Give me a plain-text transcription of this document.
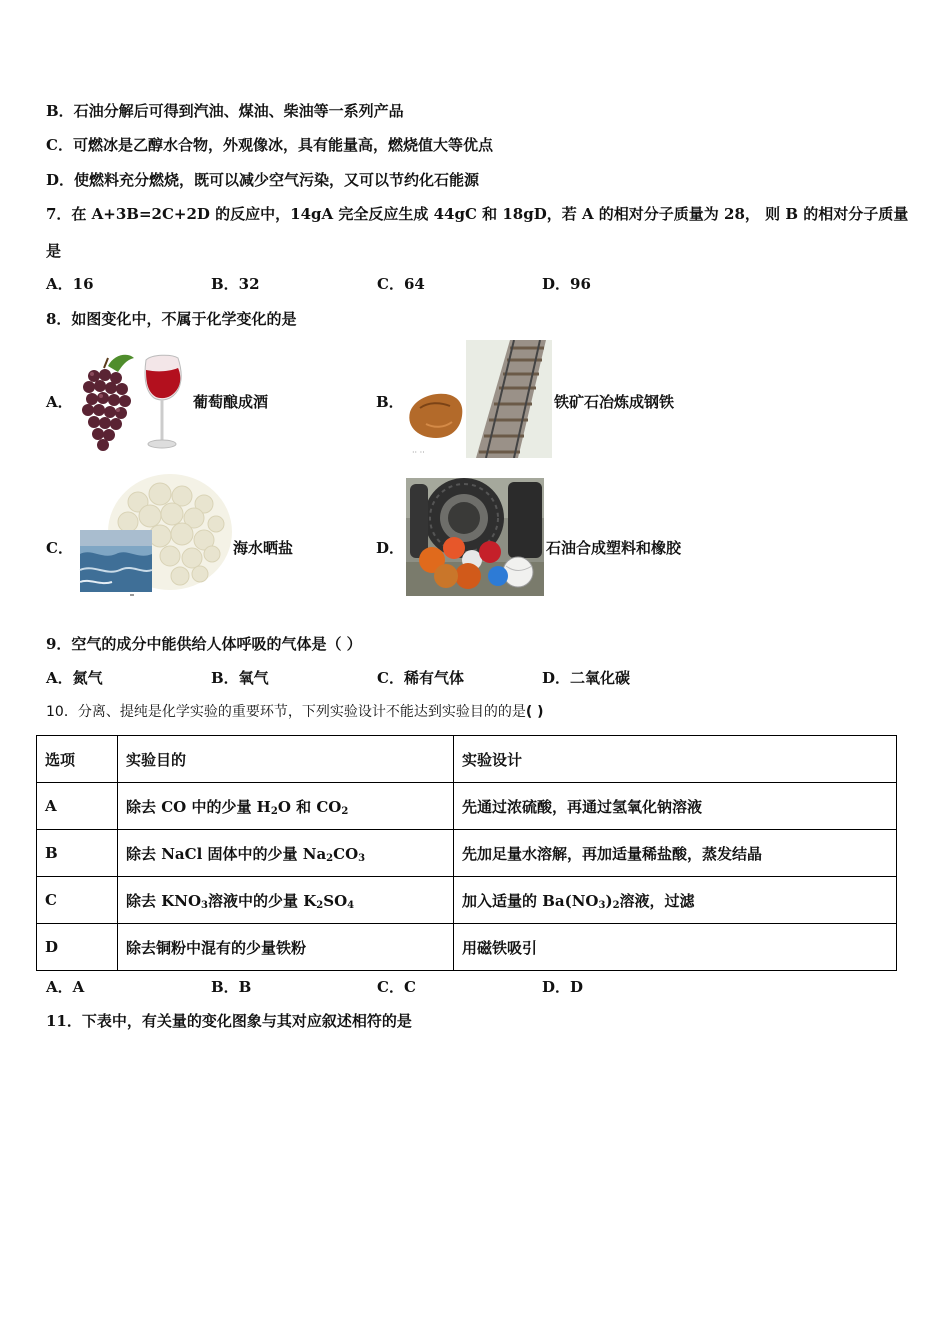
B．石油分解后可得到汽油、煤油、柴油等一系列产品
C．可燃冰是乙醇水合物，外观像冰，具有能量高，燃烧值大等优点
D．使燃料充分燃烧，既可以减少空气污染，又可以节约化石能源
7．在 A+3B=2C+2D 的反应中，14gA 完全反应生成 44gC 和 18gD，若 A 的相对分子质量为 28， 则 B 的相对分子质量
是
A．16	B．32	C．64	D．96
8．如图变化中，不属于化学变化的是
A．	葡萄酿成酒	B．
·· ··
铁矿石冶炼成钢铁
C．	海水晒盐	D．	石油合成塑料和橡胶
9．空气的成分中能供给人体呼吸的气体是（ ）
A．氮气	B．氧气	C．稀有气体	D．二氧化碳
10．分离、提纯是化学实验的重要环节，下列实验设计不能达到实验目的的是( )
选项	实验目的	实验设计
A	除去 CO 中的少量 $H_2O$ 和 $CO_2$	先通过浓硫酸，再通过氢氧化钠溶液
B	除去 NaCl 固体中的少量 $Na_2CO_3$	先加足量水溶解，再加适量稀盐酸，蒸发结晶
C	除去 $KNO_3$溶液中的少量 $K_2SO_4$	加入适量的 $Ba(NO_3)_2$溶液，过滤
D	除去铜粉中混有的少量铁粉	用磁铁吸引
A．A	B．B	C．C	D．D
11．下表中，有关量的变化图象与其对应叙述相符的是
